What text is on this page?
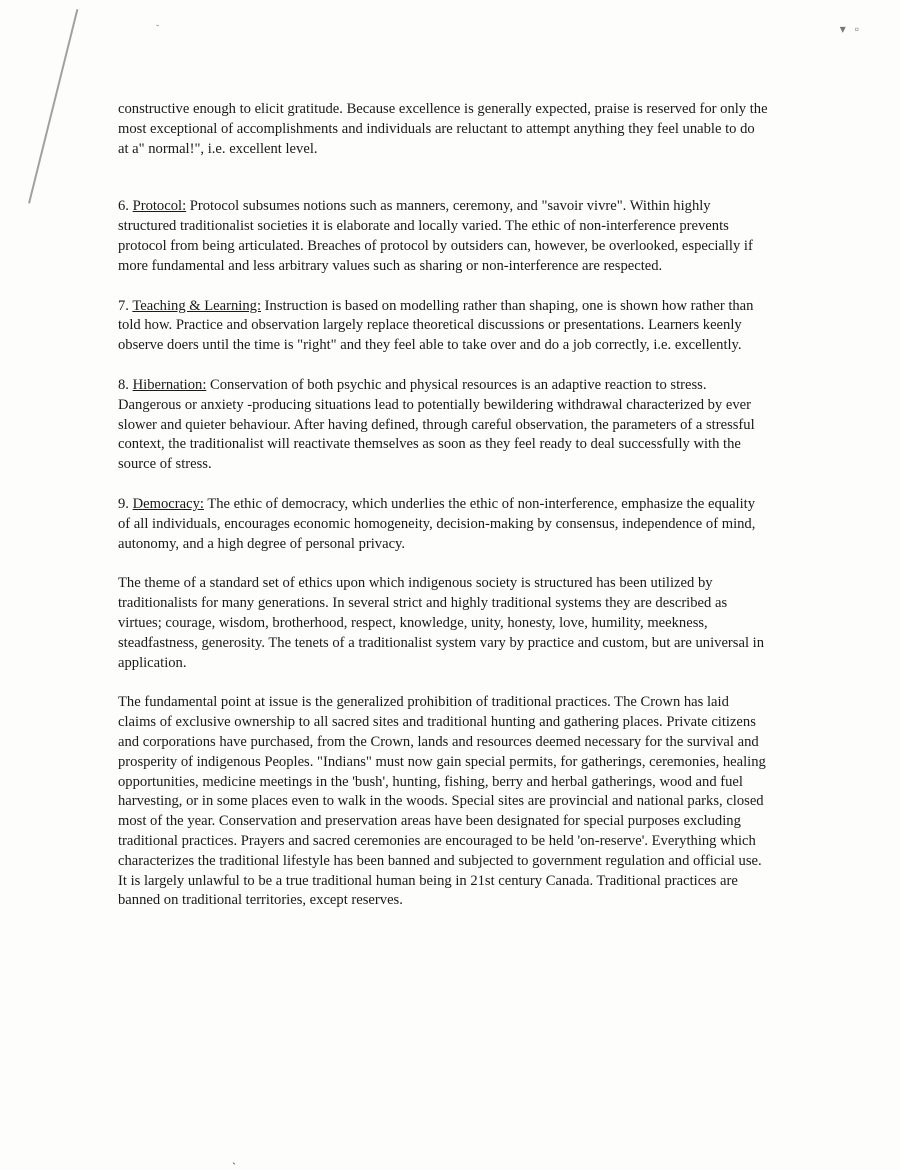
˘	▾ ▫

constructive enough to elicit gratitude. Because excellence is generally expected, praise is reserved for only the most exceptional of accomplishments and individuals are reluctant to attempt anything they feel unable to do at a" normal!", i.e. excellent level.

6. Protocol: Protocol subsumes notions such as manners, ceremony, and "savoir vivre". Within highly structured traditionalist societies it is elaborate and locally varied. The ethic of non-interference prevents protocol from being articulated. Breaches of protocol by outsiders can, however, be overlooked, especially if more fundamental and less arbitrary values such as sharing or non-interference are respected.

7. Teaching & Learning: Instruction is based on modelling rather than shaping, one is shown how rather than told how. Practice and observation largely replace theoretical discussions or presentations. Learners keenly observe doers until the time is "right" and they feel able to take over and do a job correctly, i.e. excellently.

8. Hibernation: Conservation of both psychic and physical resources is an adaptive reaction to stress. Dangerous or anxiety -producing situations lead to potentially bewildering withdrawal characterized by ever slower and quieter behaviour. After having defined, through careful observation, the parameters of a stressful context, the traditionalist will reactivate themselves as soon as they feel ready to deal successfully with the source of stress.

9. Democracy: The ethic of democracy, which underlies the ethic of non-interference, emphasize the equality of all individuals, encourages economic homogeneity, decision-making by consensus, independence of mind, autonomy, and a high degree of personal privacy.

The theme of a standard set of ethics upon which indigenous society is structured has been utilized by traditionalists for many generations. In several strict and highly traditional systems they are described as virtues; courage, wisdom, brotherhood, respect, knowledge, unity, honesty, love, humility, meekness, steadfastness, generosity. The tenets of a traditionalist system vary by practice and custom, but are universal in application.

The fundamental point at issue is the generalized prohibition of traditional practices. The Crown has laid claims of exclusive ownership to all sacred sites and traditional hunting and gathering places. Private citizens and corporations have purchased, from the Crown, lands and resources deemed necessary for the survival and prosperity of indigenous Peoples. "Indians" must now gain special permits, for gatherings, ceremonies, healing opportunities, medicine meetings in the 'bush', hunting, fishing, berry and herbal gatherings, wood and fuel harvesting, or in some places even to walk in the woods. Special sites are provincial and national parks, closed most of the year. Conservation and preservation areas have been designated for special purposes excluding traditional practices. Prayers and sacred ceremonies are encouraged to be held 'on-reserve'. Everything which characterizes the traditional lifestyle has been banned and subjected to government regulation and official use. It is largely unlawful to be a true traditional human being in 21st century Canada. Traditional practices are banned on traditional territories, except reserves.

ˋ
